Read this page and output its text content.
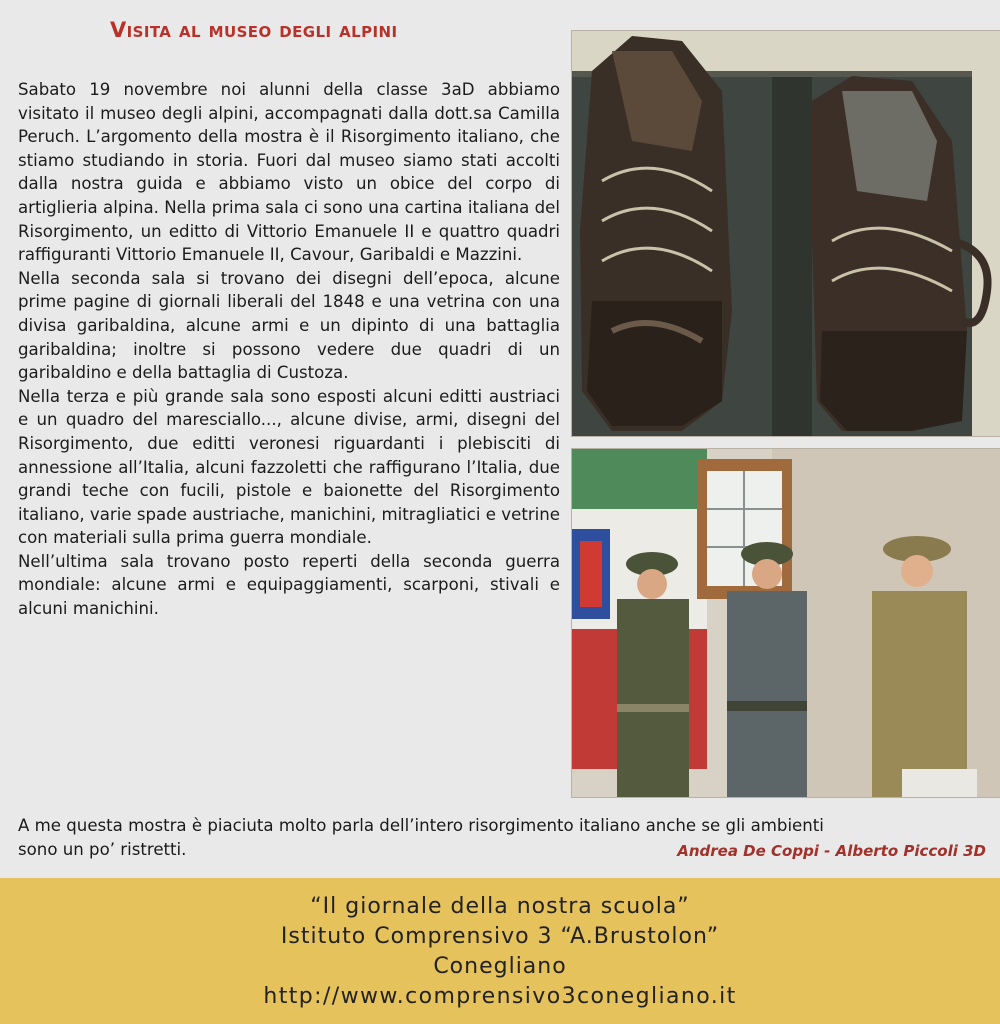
Visita al museo degli alpini

Sabato 19 novembre noi alunni della classe 3aD abbiamo visitato il museo degli alpini, accompagnati dalla dott.sa Camilla Peruch. L’argomento della mostra è il Risorgimento italiano, che stiamo studiando in storia. Fuori dal museo siamo stati accolti dalla nostra guida e abbiamo visto un obice del corpo di artiglieria alpina. Nella prima sala ci sono una cartina italiana del Risorgimento, un editto di Vittorio Emanuele II e quattro quadri raffiguranti Vittorio Emanuele II, Cavour, Garibaldi e Mazzini.

Nella seconda sala si trovano dei disegni dell’epoca, alcune prime pagine di giornali liberali del 1848 e una vetrina con una divisa garibaldina, alcune armi e un dipinto di una battaglia garibaldina; inoltre si possono vedere due quadri di un garibaldino e della battaglia di Custoza.

Nella terza e più grande sala sono esposti alcuni editti austriaci e un quadro del maresciallo..., alcune divise, armi, disegni del Risorgimento, due editti veronesi riguardanti i plebisciti di annessione all’Italia, alcuni fazzoletti che raffigurano l’Italia, due grandi teche con fucili, pistole e baionette del Risorgimento italiano, varie spade austriache, manichini, mitragliatici e vetrine con materiali sulla prima guerra mondiale.

Nell’ultima sala trovano posto reperti della seconda guerra mondiale: alcune armi e equipaggiamenti, scarponi, stivali e alcuni manichini.

A me questa mostra è piaciuta molto parla dell’intero risorgimento italiano anche se gli ambienti
sono un po’ ristretti.	Andrea De Coppi - Alberto Piccoli 3D
“Il giornale della nostra scuola”
Istituto Comprensivo 3 “A.Brustolon”
Conegliano
http://www.comprensivo3conegliano.it
